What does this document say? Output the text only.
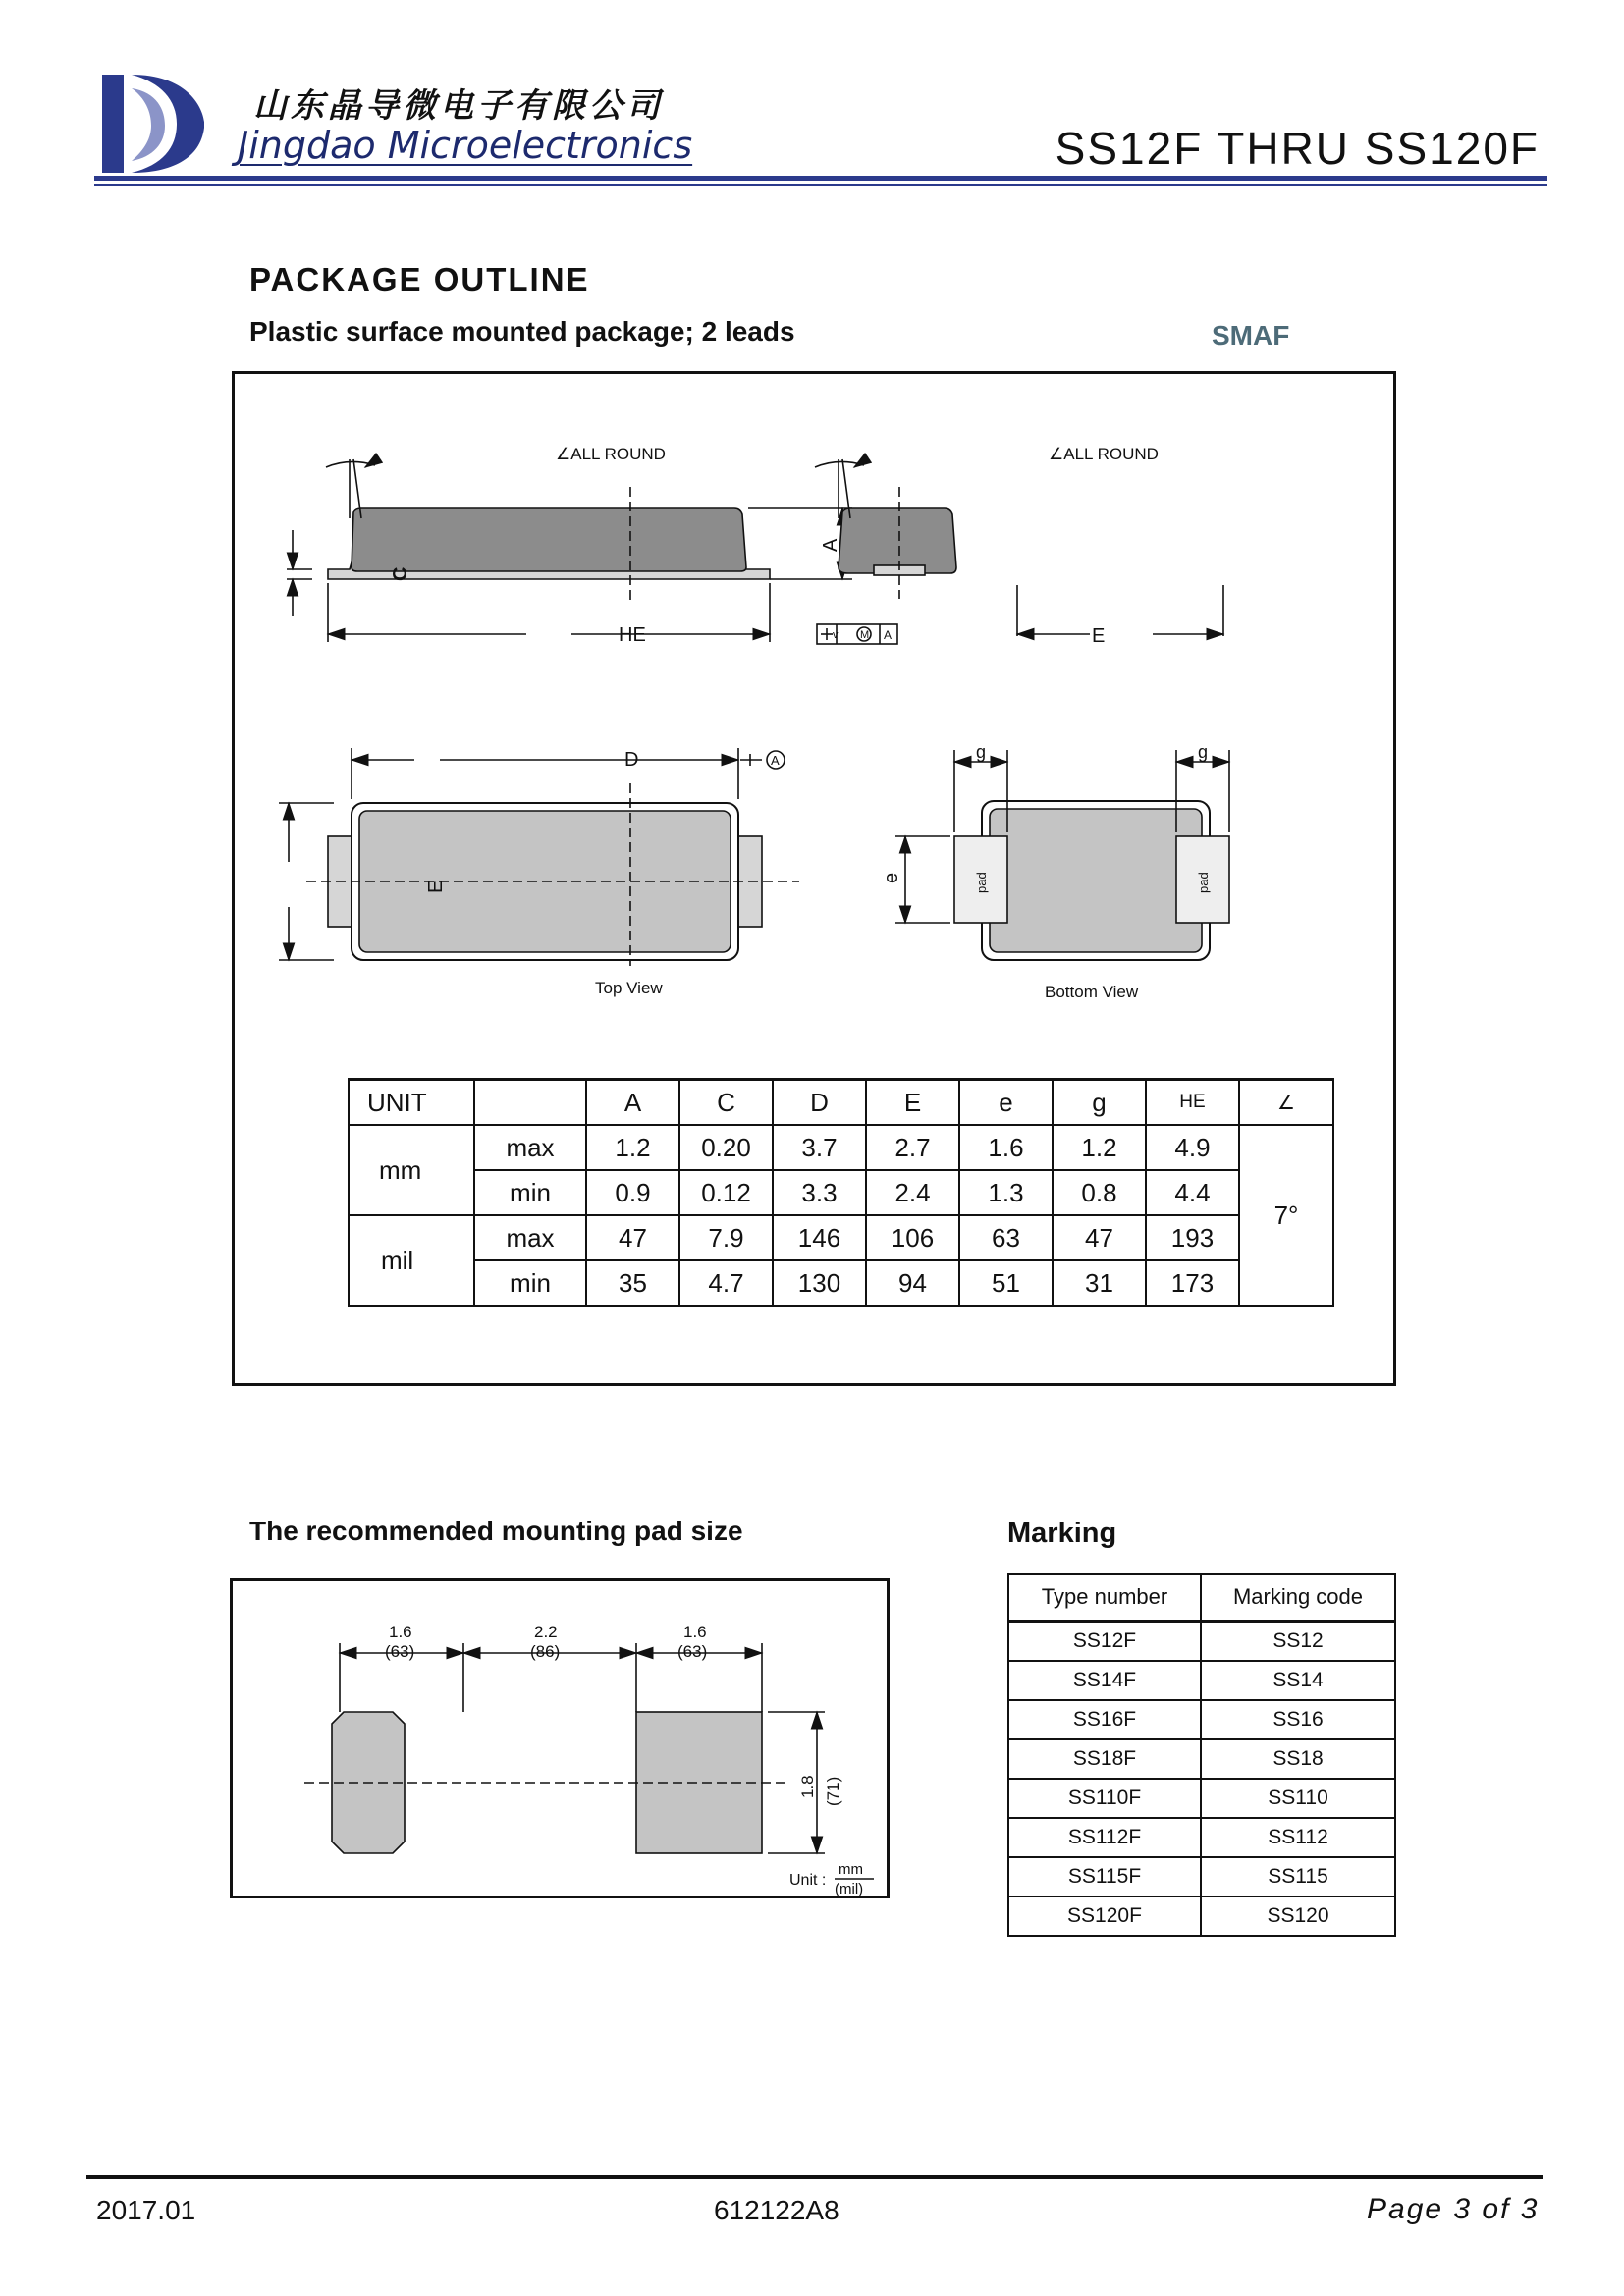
山东晶导微电子有限公司
Jingdao Microelectronics	SS12F THRU SS120F
PACKAGE OUTLINE
Plastic surface mounted package; 2 leads	SMAF
∠ALL ROUND	∠ALL ROUND
C
A
HE	E
v M A
D	A
E
e
g	g
pad	pad
Top View	Bottom View
UNIT		A	C	D	E	e	g	HE	∠
mm	max	1.2	0.20	3.7	2.7	1.6	1.2	4.9	7°
	min	0.9	0.12	3.3	2.4	1.3	0.8	4.4	
mil	max	47	7.9	146	106	63	47	193	
	min	35	4.7	130	94	51	31	173	
The recommended mounting pad size
1.6
(63)
2.2
(86)
1.6
(63)
1.8 (71)
Unit :
mm
(mil)
Marking
Type number	Marking code
SS12F	SS12
SS14F	SS14
SS16F	SS16
SS18F	SS18
SS110F	SS110
SS112F	SS112
SS115F	SS115
SS120F	SS120
2017.01	612122A8	Page 3 of 3
